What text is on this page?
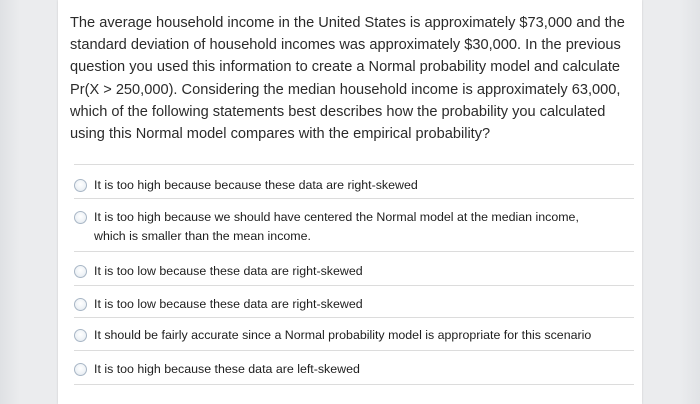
The average household income in the United States is approximately $73,000 and the
standard deviation of household incomes was approximately $30,000. In the previous
question you used this information to create a Normal probability model and calculate
Pr(X > 250,000). Considering the median household income is approximately 63,000,
which of the following statements best describes how the probability you calculated
using this Normal model compares with the empirical probability?
It is too high because because these data are right-skewed
It is too high because we should have centered the Normal model at the median income,
which is smaller than the mean income.
It is too low because these data are right-skewed
It is too low because these data are right-skewed
It should be fairly accurate since a Normal probability model is appropriate for this scenario
It is too high because these data are left-skewed
